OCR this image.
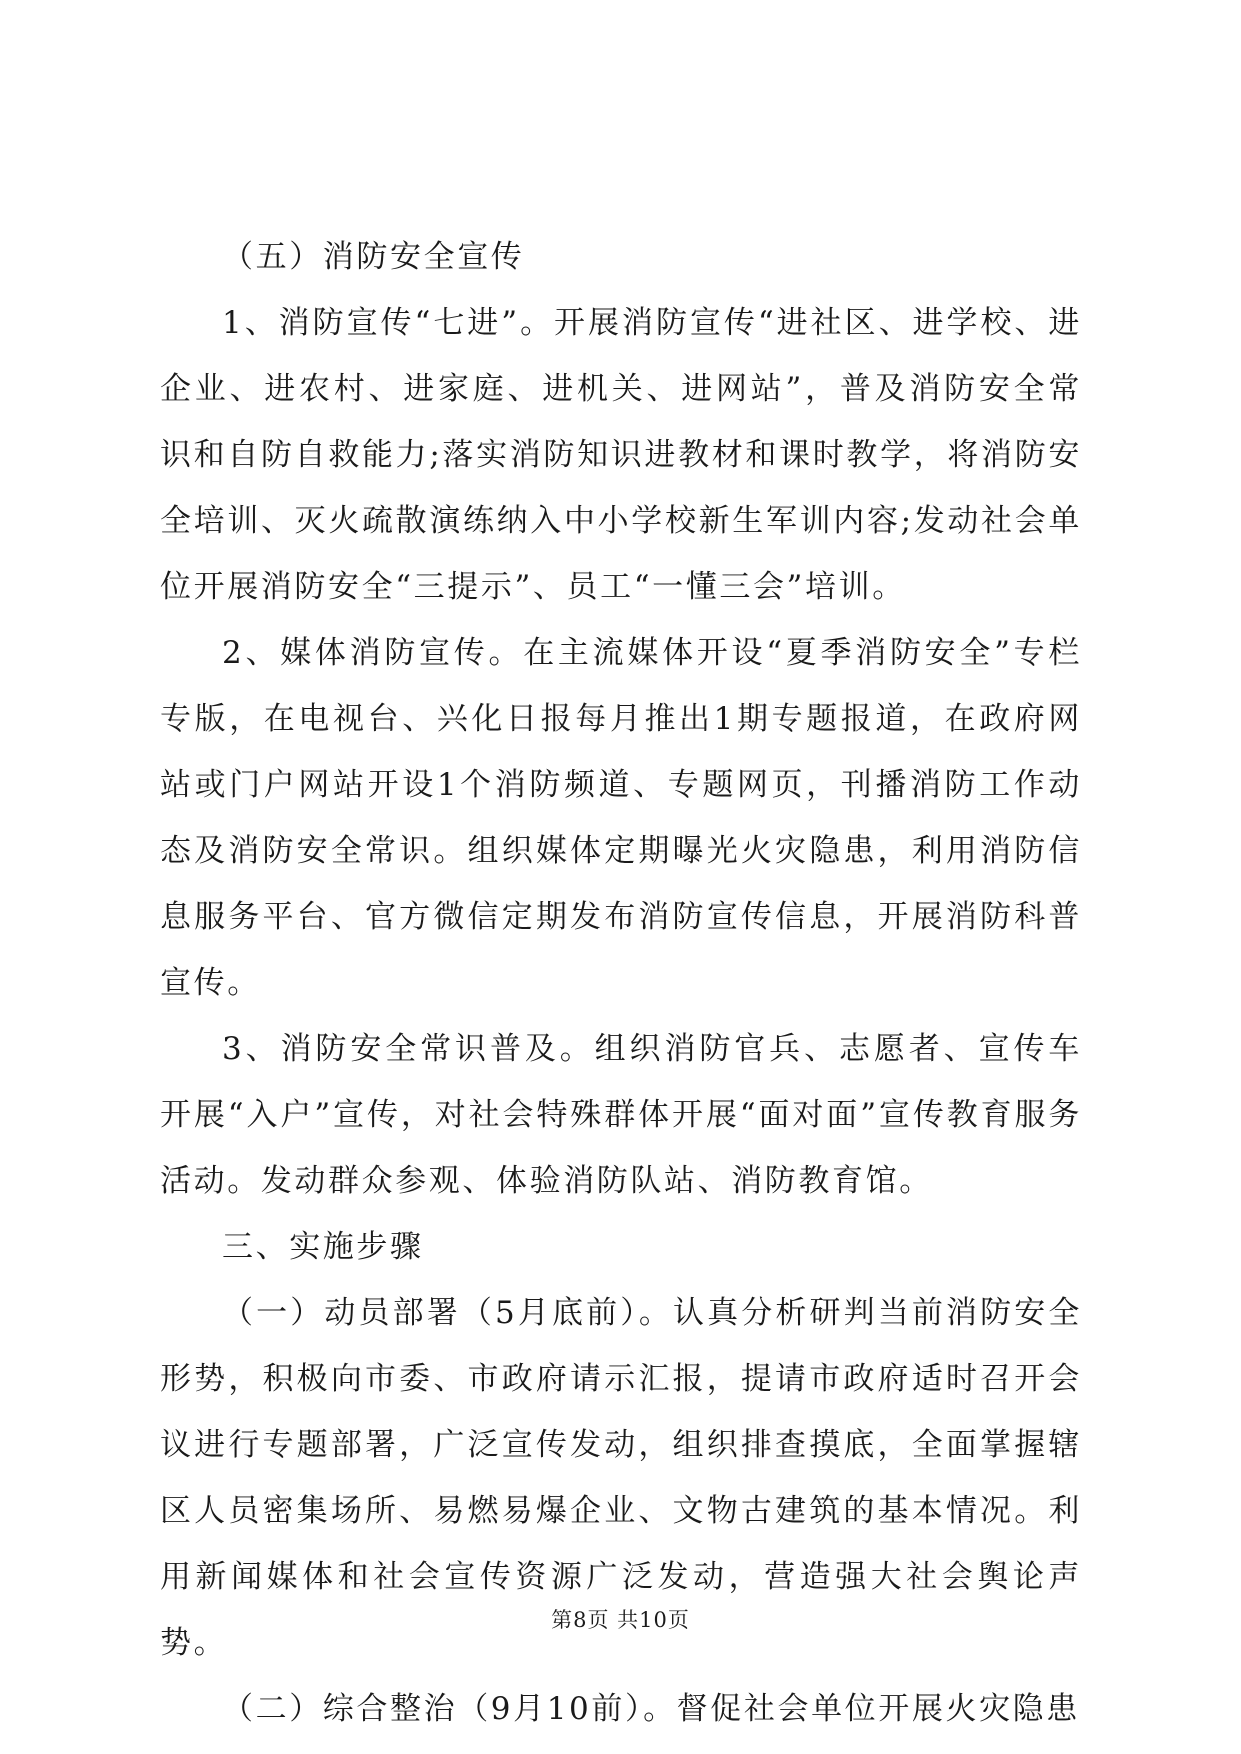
（五）消防安全宣传

1、消防宣传“七进”。开展消防宣传“进社区、进学校、进企业、进农村、进家庭、进机关、进网站”，普及消防安全常识和自防自救能力;落实消防知识进教材和课时教学，将消防安全培训、灭火疏散演练纳入中小学校新生军训内容;发动社会单位开展消防安全“三提示”、员工“一懂三会”培训。

2、媒体消防宣传。在主流媒体开设“夏季消防安全”专栏专版，在电视台、兴化日报每月推出1期专题报道，在政府网站或门户网站开设1个消防频道、专题网页，刊播消防工作动态及消防安全常识。组织媒体定期曝光火灾隐患，利用消防信息服务平台、官方微信定期发布消防宣传信息，开展消防科普宣传。

3、消防安全常识普及。组织消防官兵、志愿者、宣传车开展“入户”宣传，对社会特殊群体开展“面对面”宣传教育服务活动。发动群众参观、体验消防队站、消防教育馆。

三、实施步骤

（一）动员部署（5月底前）。认真分析研判当前消防安全形势，积极向市委、市政府请示汇报，提请市政府适时召开会议进行专题部署，广泛宣传发动，组织排查摸底，全面掌握辖区人员密集场所、易燃易爆企业、文物古建筑的基本情况。利用新闻媒体和社会宣传资源广泛发动，营造强大社会舆论声势。

（二）综合整治（9月10前）。督促社会单位开展火灾隐患

第8页 共10页
